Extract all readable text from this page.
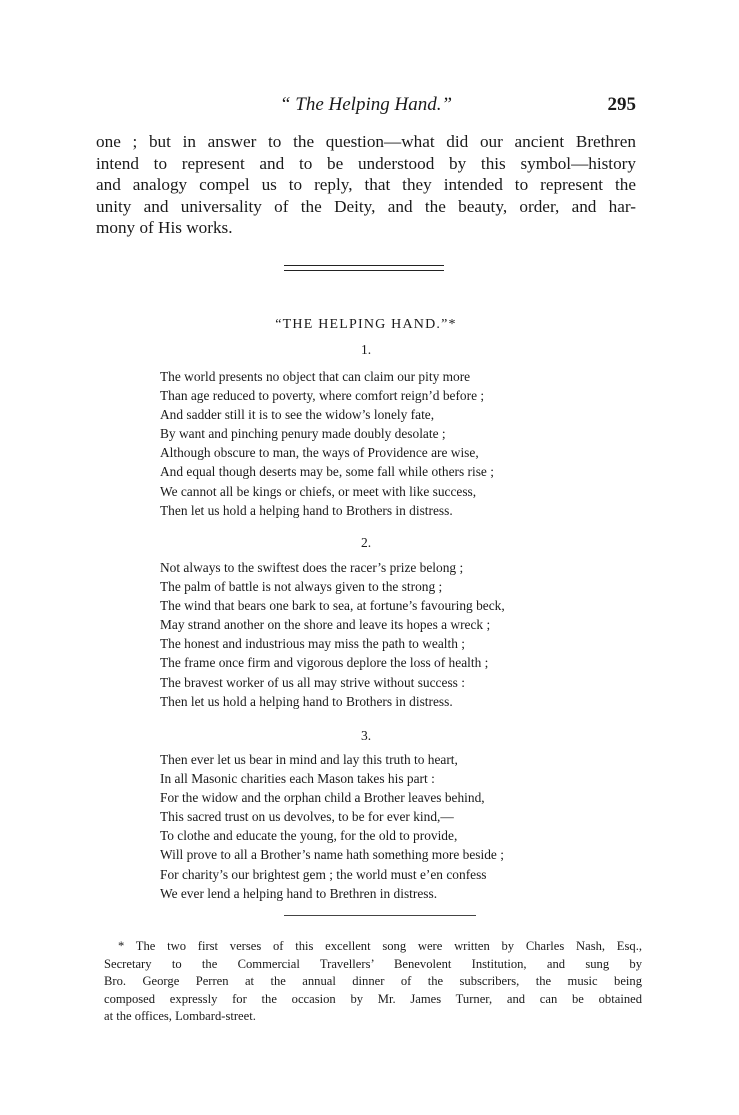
“ The Helping Hand.”	295
one ; but in answer to the question—what did our ancient Brethren
intend to represent and to be understood by this symbol—history
and analogy compel us to reply, that they intended to represent the
unity and universality of the Deity, and the beauty, order, and har-
mony of His works.
“THE HELPING HAND.”*
1.
The world presents no object that can claim our pity more
Than age reduced to poverty, where comfort reign’d before ;
And sadder still it is to see the widow’s lonely fate,
By want and pinching penury made doubly desolate ;
Although obscure to man, the ways of Providence are wise,
And equal though deserts may be, some fall while others rise ;
We cannot all be kings or chiefs, or meet with like success,
Then let us hold a helping hand to Brothers in distress.
2.
Not always to the swiftest does the racer’s prize belong ;
The palm of battle is not always given to the strong ;
The wind that bears one bark to sea, at fortune’s favouring beck,
May strand another on the shore and leave its hopes a wreck ;
The honest and industrious may miss the path to wealth ;
The frame once firm and vigorous deplore the loss of health ;
The bravest worker of us all may strive without success :
Then let us hold a helping hand to Brothers in distress.
3.
Then ever let us bear in mind and lay this truth to heart,
In all Masonic charities each Mason takes his part :
For the widow and the orphan child a Brother leaves behind,
This sacred trust on us devolves, to be for ever kind,—
To clothe and educate the young, for the old to provide,
Will prove to all a Brother’s name hath something more beside ;
For charity’s our brightest gem ; the world must e’en confess
We ever lend a helping hand to Brethren in distress.
* The two first verses of this excellent song were written by Charles Nash, Esq.,
Secretary to the Commercial Travellers’ Benevolent Institution, and sung by
Bro. George Perren at the annual dinner of the subscribers, the music being
composed expressly for the occasion by Mr. James Turner, and can be obtained
at the offices, Lombard-street.
